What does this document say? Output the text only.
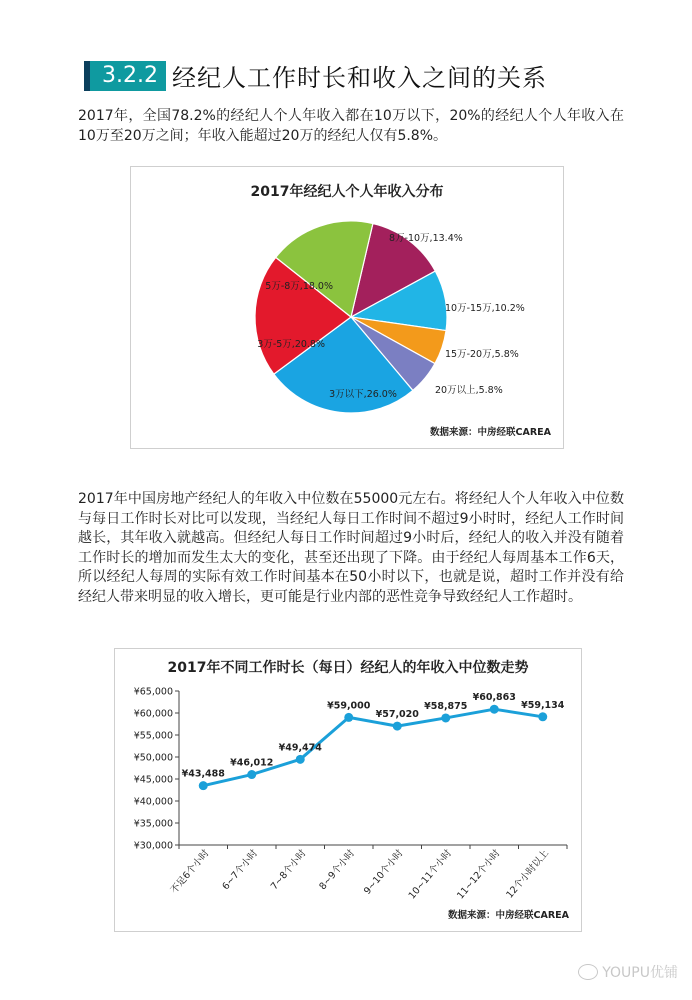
3.2.2 经纪人工作时长和收入之间的关系
2017年，全国78.2%的经纪人个人年收入都在10万以下，20%的经纪人个人年收入在10万至20万之间；年收入能超过20万的经纪人仅有5.8%。
2017年经纪人个人年收入分布
8万-10万,13.4%
10万-15万,10.2%
15万-20万,5.8%
20万以上,5.8%
3万以下,26.0%
3万-5万,20.8%
5万-8万,18.0%
数据来源：中房经联CAREA
2017年中国房地产经纪人的年收入中位数在55000元左右。将经纪人个人年收入中位数与每日工作时长对比可以发现，当经纪人每日工作时间不超过9小时时，经纪人工作时间越长，其年收入就越高。但经纪人每日工作时间超过9小时后，经纪人的收入并没有随着工作时长的增加而发生太大的变化，甚至还出现了下降。由于经纪人每周基本工作6天，所以经纪人每周的实际有效工作时间基本在50小时以下，也就是说，超时工作并没有给经纪人带来明显的收入增长，更可能是行业内部的恶性竞争导致经纪人工作超时。
2017年不同工作时长（每日）经纪人的年收入中位数走势
¥30,000
¥35,000
¥40,000
¥45,000
¥50,000
¥55,000
¥60,000
¥65,000
不足6个小时 6~7个小时 7~8个小时 8~9个小时 9~10个小时 10~11个小时 11~12个小时 12个小时以上
¥43,488
¥46,012
¥49,474
¥59,000
¥57,020
¥58,875
¥60,863
¥59,134
数据来源：中房经联CAREA
YOUPU优铺
